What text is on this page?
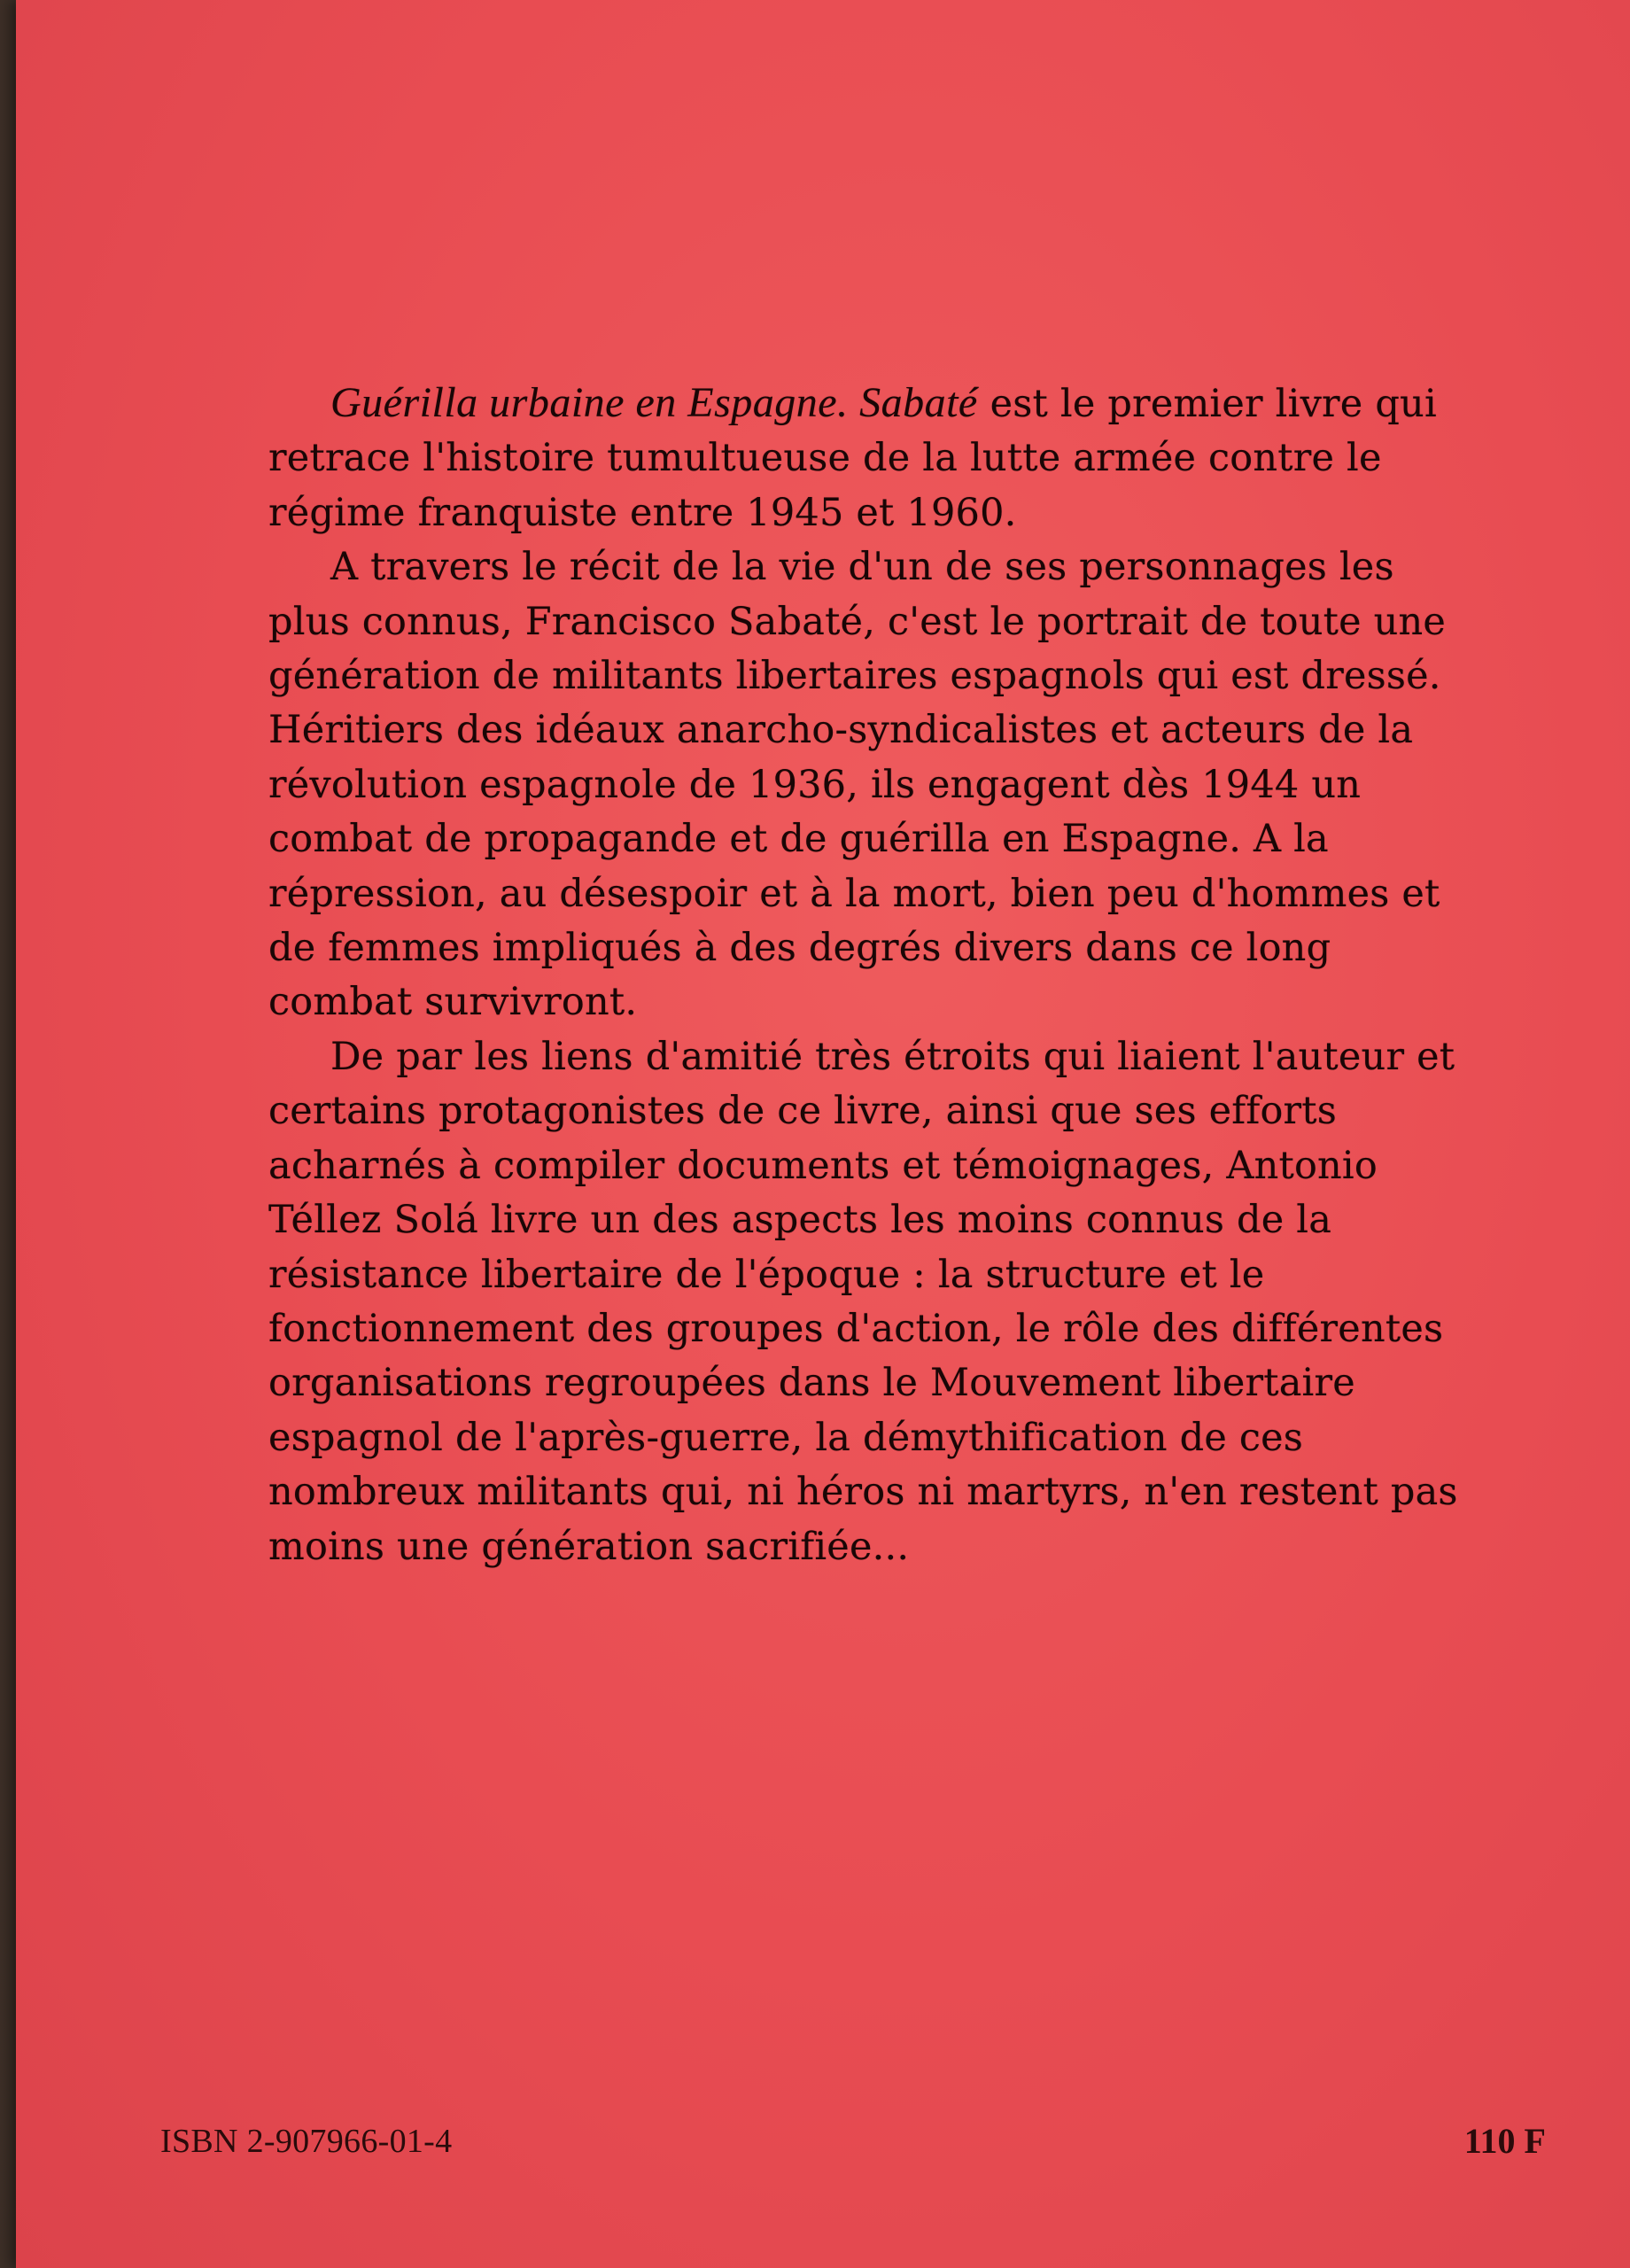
Guérilla urbaine en Espagne. Sabaté est le premier livre qui retrace l'histoire tumultueuse de la lutte armée contre le régime franquiste entre 1945 et 1960.

A travers le récit de la vie d'un de ses personnages les plus connus, Francisco Sabaté, c'est le portrait de toute une génération de militants libertaires espagnols qui est dressé. Héritiers des idéaux anarcho-syndicalistes et acteurs de la révolution espagnole de 1936, ils engagent dès 1944 un combat de propagande et de guérilla en Espagne. A la répression, au désespoir et à la mort, bien peu d'hommes et de femmes impliqués à des degrés divers dans ce long combat survivront.

De par les liens d'amitié très étroits qui liaient l'auteur et certains protagonistes de ce livre, ainsi que ses efforts acharnés à compiler documents et témoignages, Antonio Téllez Solá livre un des aspects les moins connus de la résistance libertaire de l'époque : la structure et le fonctionnement des groupes d'action, le rôle des différentes organisations regroupées dans le Mouvement libertaire espagnol de l'après-guerre, la démythification de ces nombreux militants qui, ni héros ni martyrs, n'en restent pas moins une génération sacrifiée...

ISBN 2-907966-01-4	110 F
